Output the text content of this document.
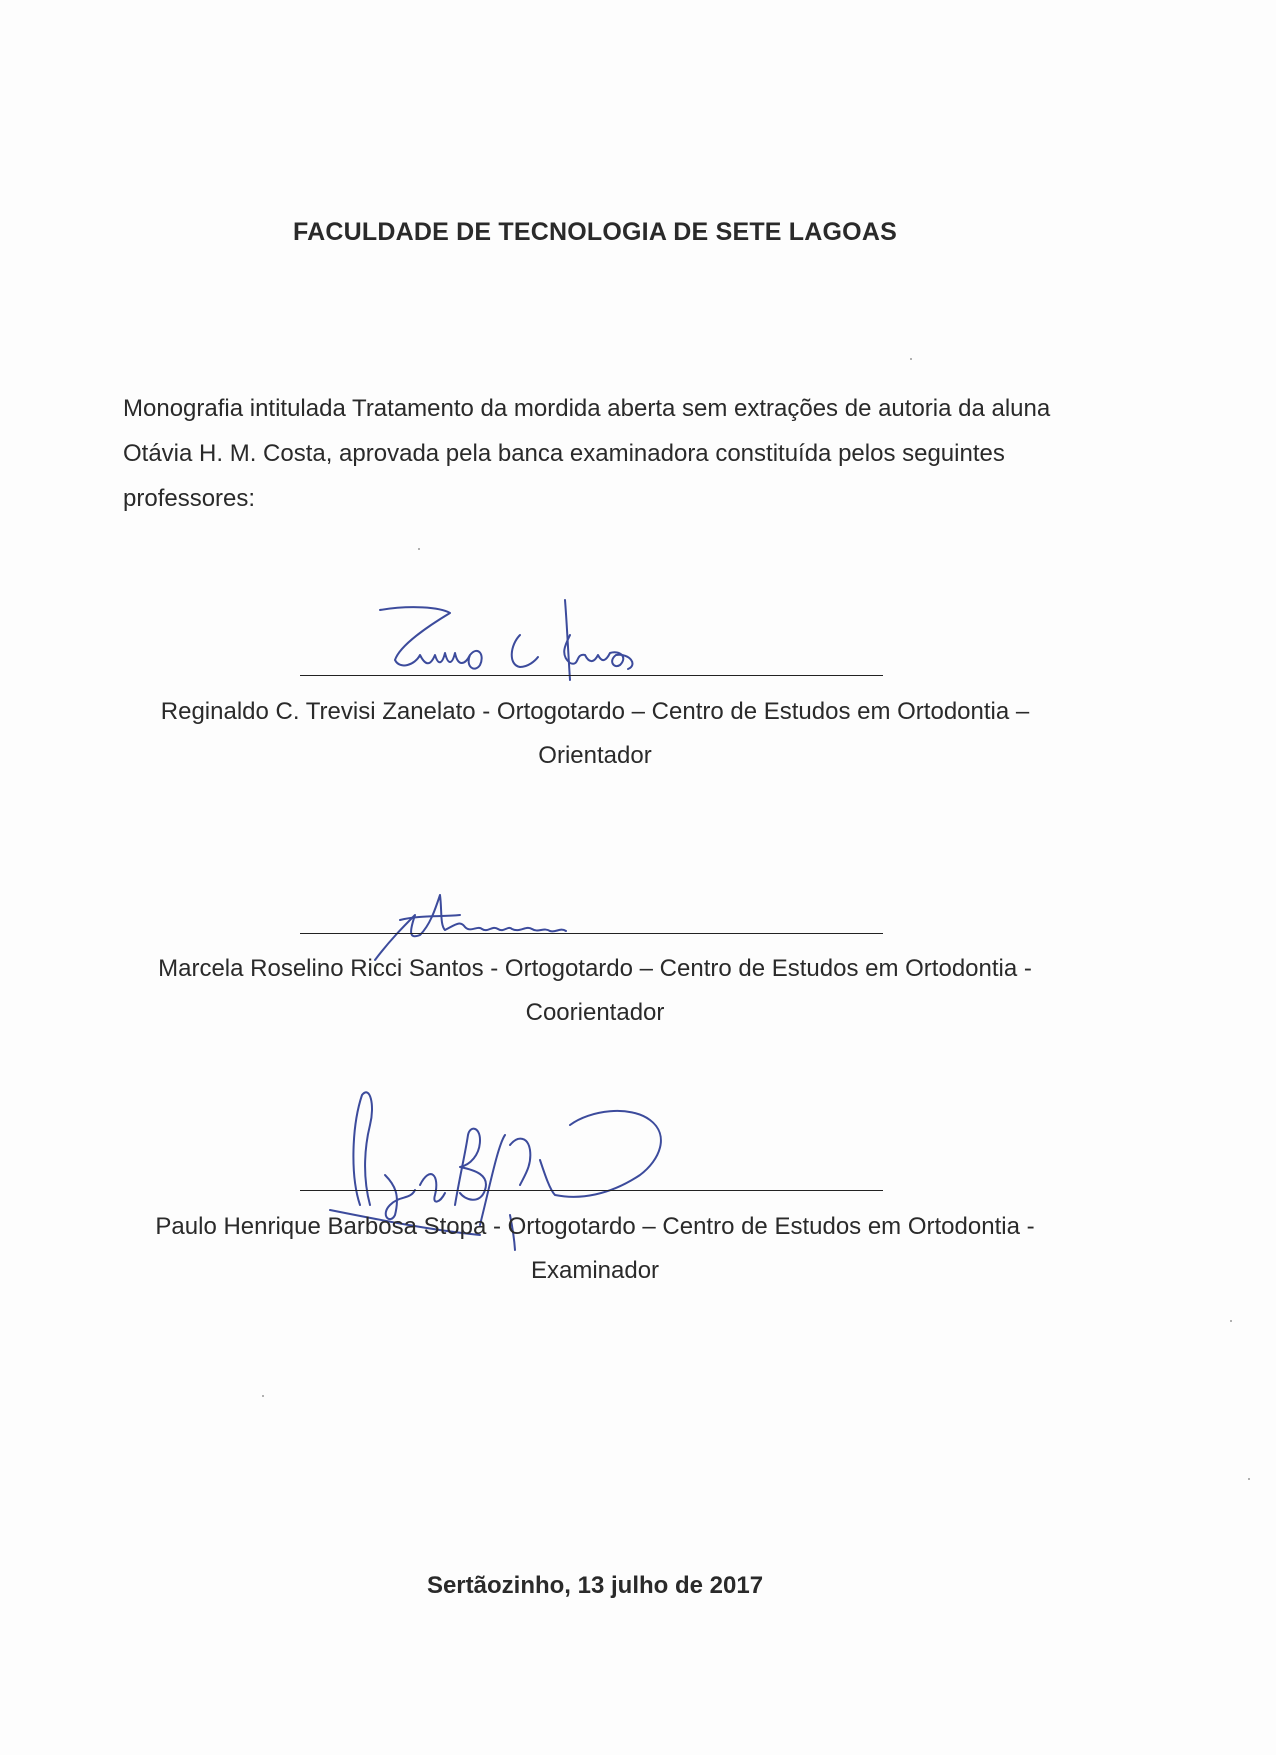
FACULDADE DE TECNOLOGIA DE SETE LAGOAS

Monografia intitulada Tratamento da mordida aberta sem extrações de autoria da aluna Otávia H. M. Costa, aprovada pela banca examinadora constituída pelos seguintes professores:

Reginaldo C. Trevisi Zanelato - Ortogotardo – Centro de Estudos em Ortodontia –
Orientador
Marcela Roselino Ricci Santos - Ortogotardo – Centro de Estudos em Ortodontia -
Coorientador
Paulo Henrique Barbosa Stopa - Ortogotardo – Centro de Estudos em Ortodontia -
Examinador
Sertãozinho, 13 julho de 2017
